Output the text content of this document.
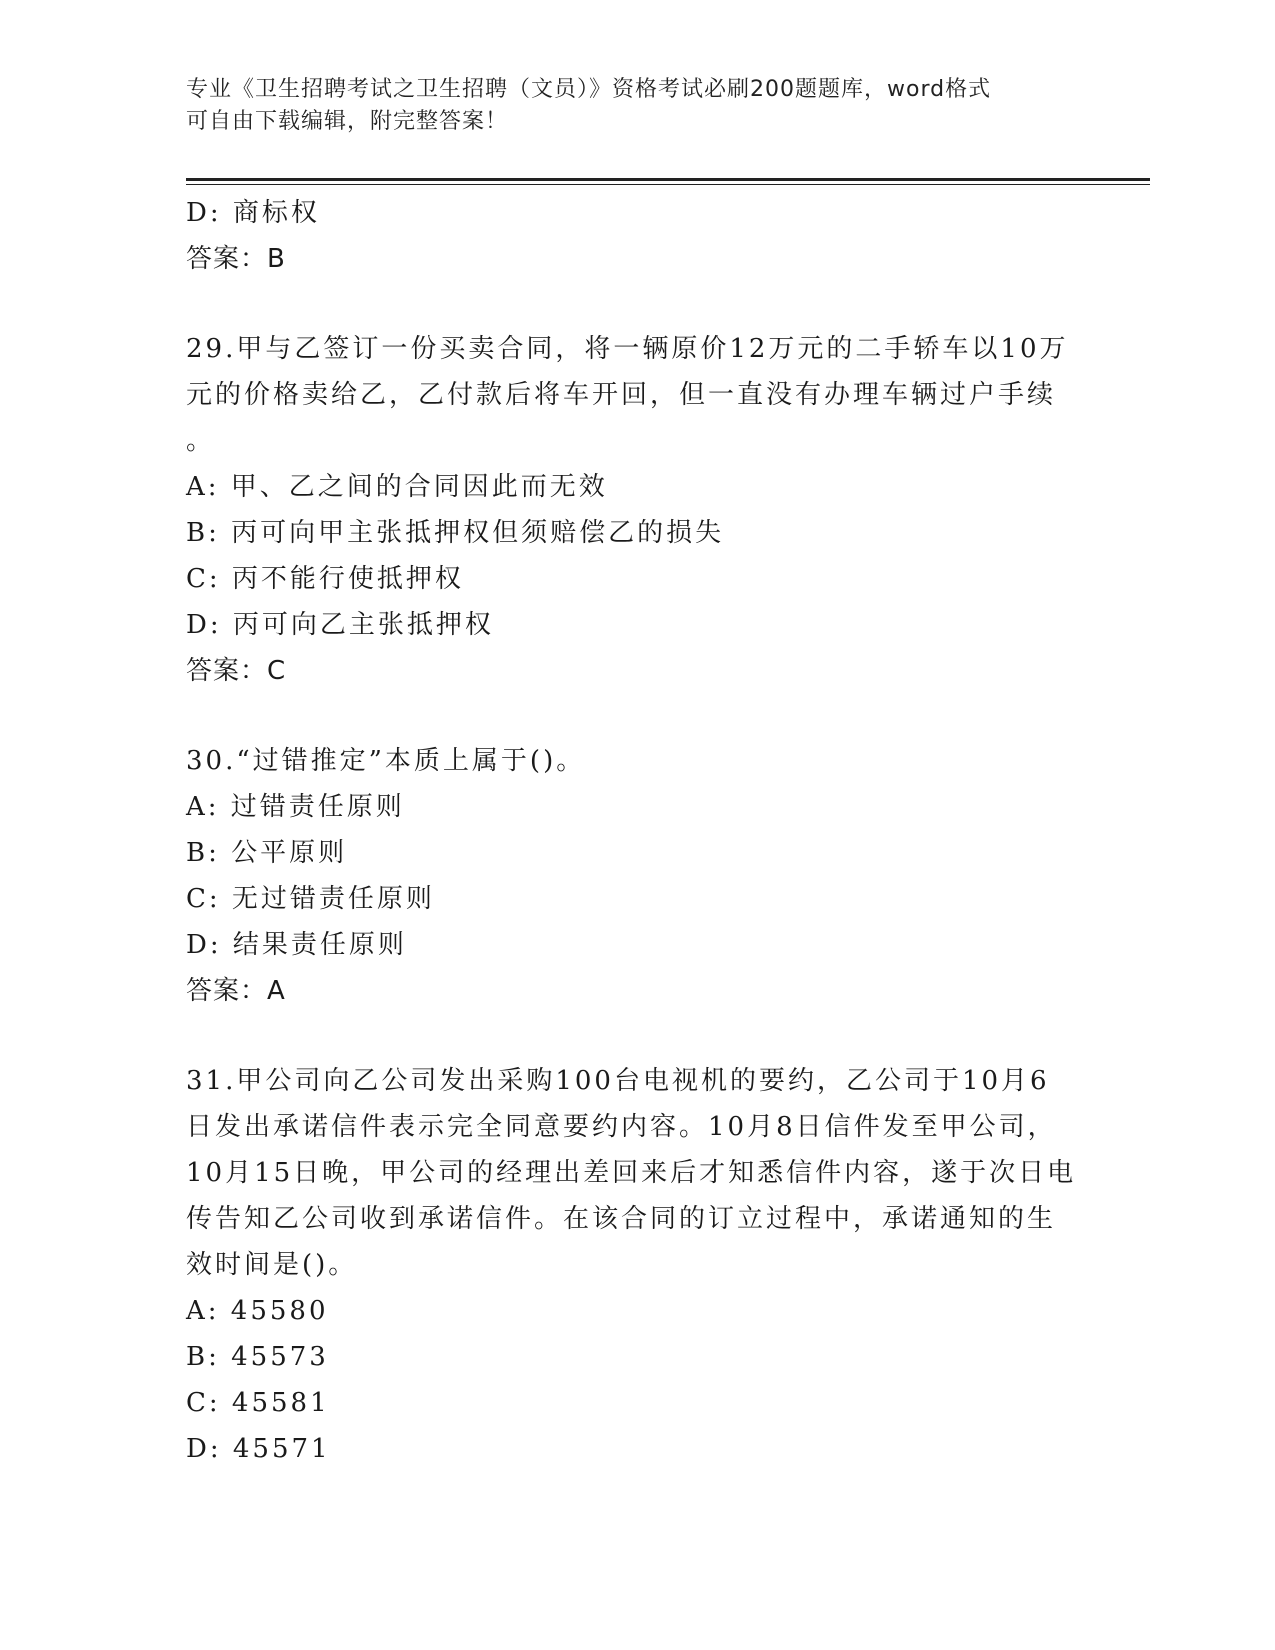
专业《卫生招聘考试之卫生招聘（文员）》资格考试必刷200题题库，word格式
可自由下载编辑，附完整答案！
D: 商标权
答案：B
29.甲与乙签订一份买卖合同，将一辆原价12万元的二手轿车以10万
元的价格卖给乙，乙付款后将车开回，但一直没有办理车辆过户手续
。
A: 甲、乙之间的合同因此而无效
B: 丙可向甲主张抵押权但须赔偿乙的损失
C: 丙不能行使抵押权
D: 丙可向乙主张抵押权
答案：C
30.“过错推定”本质上属于()。
A: 过错责任原则
B: 公平原则
C: 无过错责任原则
D: 结果责任原则
答案：A
31.甲公司向乙公司发出采购100台电视机的要约，乙公司于10月6
日发出承诺信件表示完全同意要约内容。10月8日信件发至甲公司，
10月15日晚，甲公司的经理出差回来后才知悉信件内容，遂于次日电
传告知乙公司收到承诺信件。在该合同的订立过程中，承诺通知的生
效时间是()。
A: 45580
B: 45573
C: 45581
D: 45571
